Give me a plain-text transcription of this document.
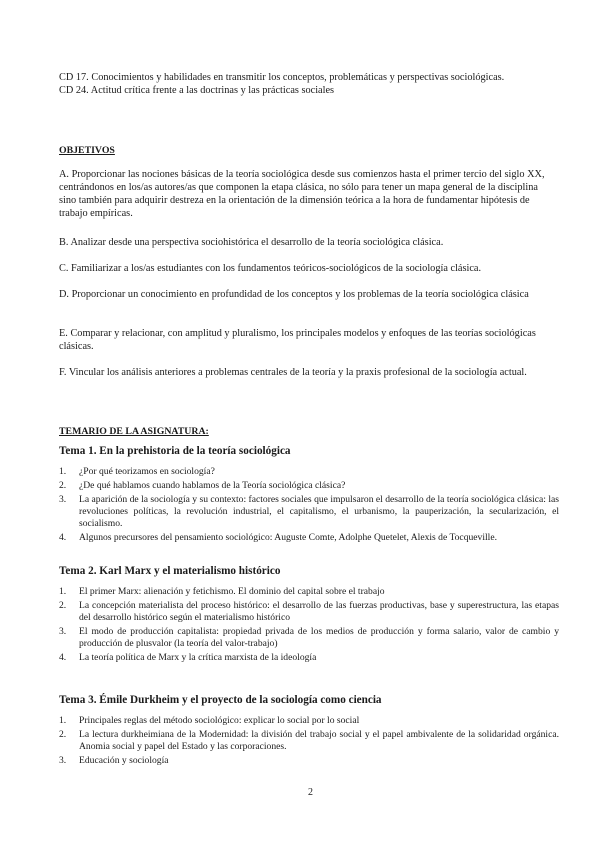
CD 17. Conocimientos y habilidades en transmitir los conceptos, problemáticas y perspectivas sociológicas.

CD 24. Actitud crítica frente a las doctrinas y las prácticas sociales

OBJETIVOS

A. Proporcionar las nociones básicas de la teoría sociológica desde sus comienzos hasta el primer tercio del siglo XX, centrándonos en los/as autores/as que componen la etapa clásica, no sólo para tener un mapa general de la disciplina sino también para adquirir destreza en la orientación de la dimensión teórica a la hora de fundamentar hipótesis de trabajo empíricas.

B. Analizar desde una perspectiva sociohistórica el desarrollo de la teoría sociológica clásica.

C. Familiarizar a los/as estudiantes con los fundamentos teóricos-sociológicos de la sociología clásica.

D. Proporcionar un conocimiento en profundidad de los conceptos y los problemas de la teoría sociológica clásica

E. Comparar y relacionar, con amplitud y pluralismo, los principales modelos y enfoques de las teorías sociológicas clásicas.

F. Vincular los análisis anteriores a problemas centrales de la teoría y la praxis profesional de la sociología actual.

TEMARIO DE LA ASIGNATURA:
Tema 1. En la prehistoria de la teoría sociológica
1. ¿Por qué teorizamos en sociología?
2. ¿De qué hablamos cuando hablamos de la Teoría sociológica clásica?
3. La aparición de la sociología y su contexto: factores sociales que impulsaron el desarrollo de la teoría sociológica clásica: las revoluciones políticas, la revolución industrial, el capitalismo, el urbanismo, la pauperización, la secularización, el socialismo.
4. Algunos precursores del pensamiento sociológico: Auguste Comte, Adolphe Quetelet, Alexis de Tocqueville.
Tema 2. Karl Marx y el materialismo histórico
1. El primer Marx: alienación y fetichismo. El dominio del capital sobre el trabajo
2. La concepción materialista del proceso histórico: el desarrollo de las fuerzas productivas, base y superestructura, las etapas del desarrollo histórico según el materialismo histórico
3. El modo de producción capitalista: propiedad privada de los medios de producción y forma salario, valor de cambio y producción de plusvalor (la teoría del valor-trabajo)
4. La teoría política de Marx y la crítica marxista de la ideología
Tema 3. Émile Durkheim y el proyecto de la sociología como ciencia
1. Principales reglas del método sociológico: explicar lo social por lo social
2. La lectura durkheimiana de la Modernidad: la división del trabajo social y el papel ambivalente de la solidaridad orgánica. Anomia social y papel del Estado y las corporaciones.
3. Educación y sociología
2
